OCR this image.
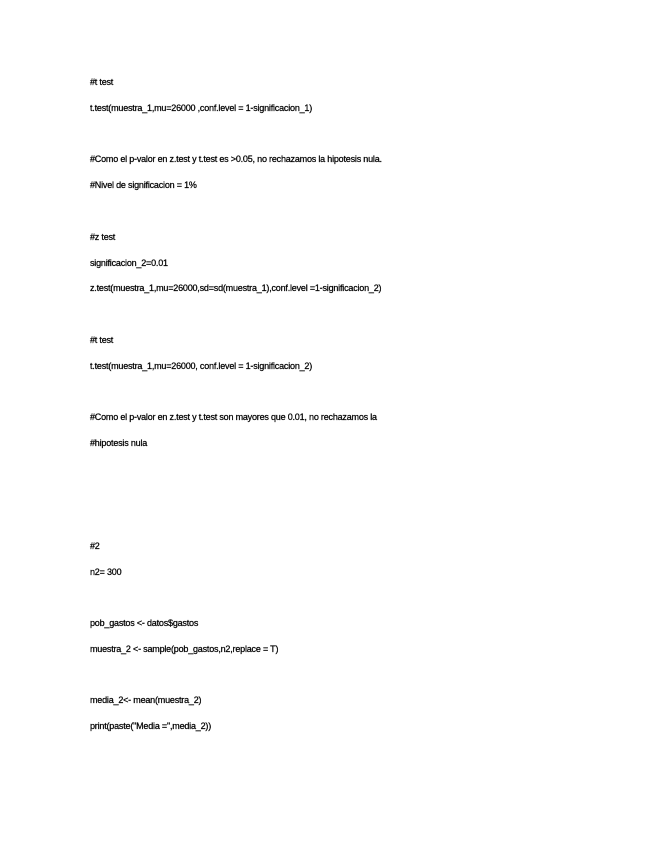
#t test
t.test(muestra_1,mu=26000 ,conf.level = 1-significacion_1)
#Como el p-valor en z.test y t.test es >0.05, no rechazamos la hipotesis nula.
#Nivel de significacion = 1%
#z test
significacion_2=0.01
z.test(muestra_1,mu=26000,sd=sd(muestra_1),conf.level =1-significacion_2)
#t test
t.test(muestra_1,mu=26000, conf.level = 1-significacion_2)
#Como el p-valor en z.test y t.test son mayores que 0.01, no rechazamos la
#hipotesis nula
#2
n2= 300
pob_gastos <- datos$gastos
muestra_2 <- sample(pob_gastos,n2,replace = T)
media_2<- mean(muestra_2)
print(paste("Media =",media_2))
